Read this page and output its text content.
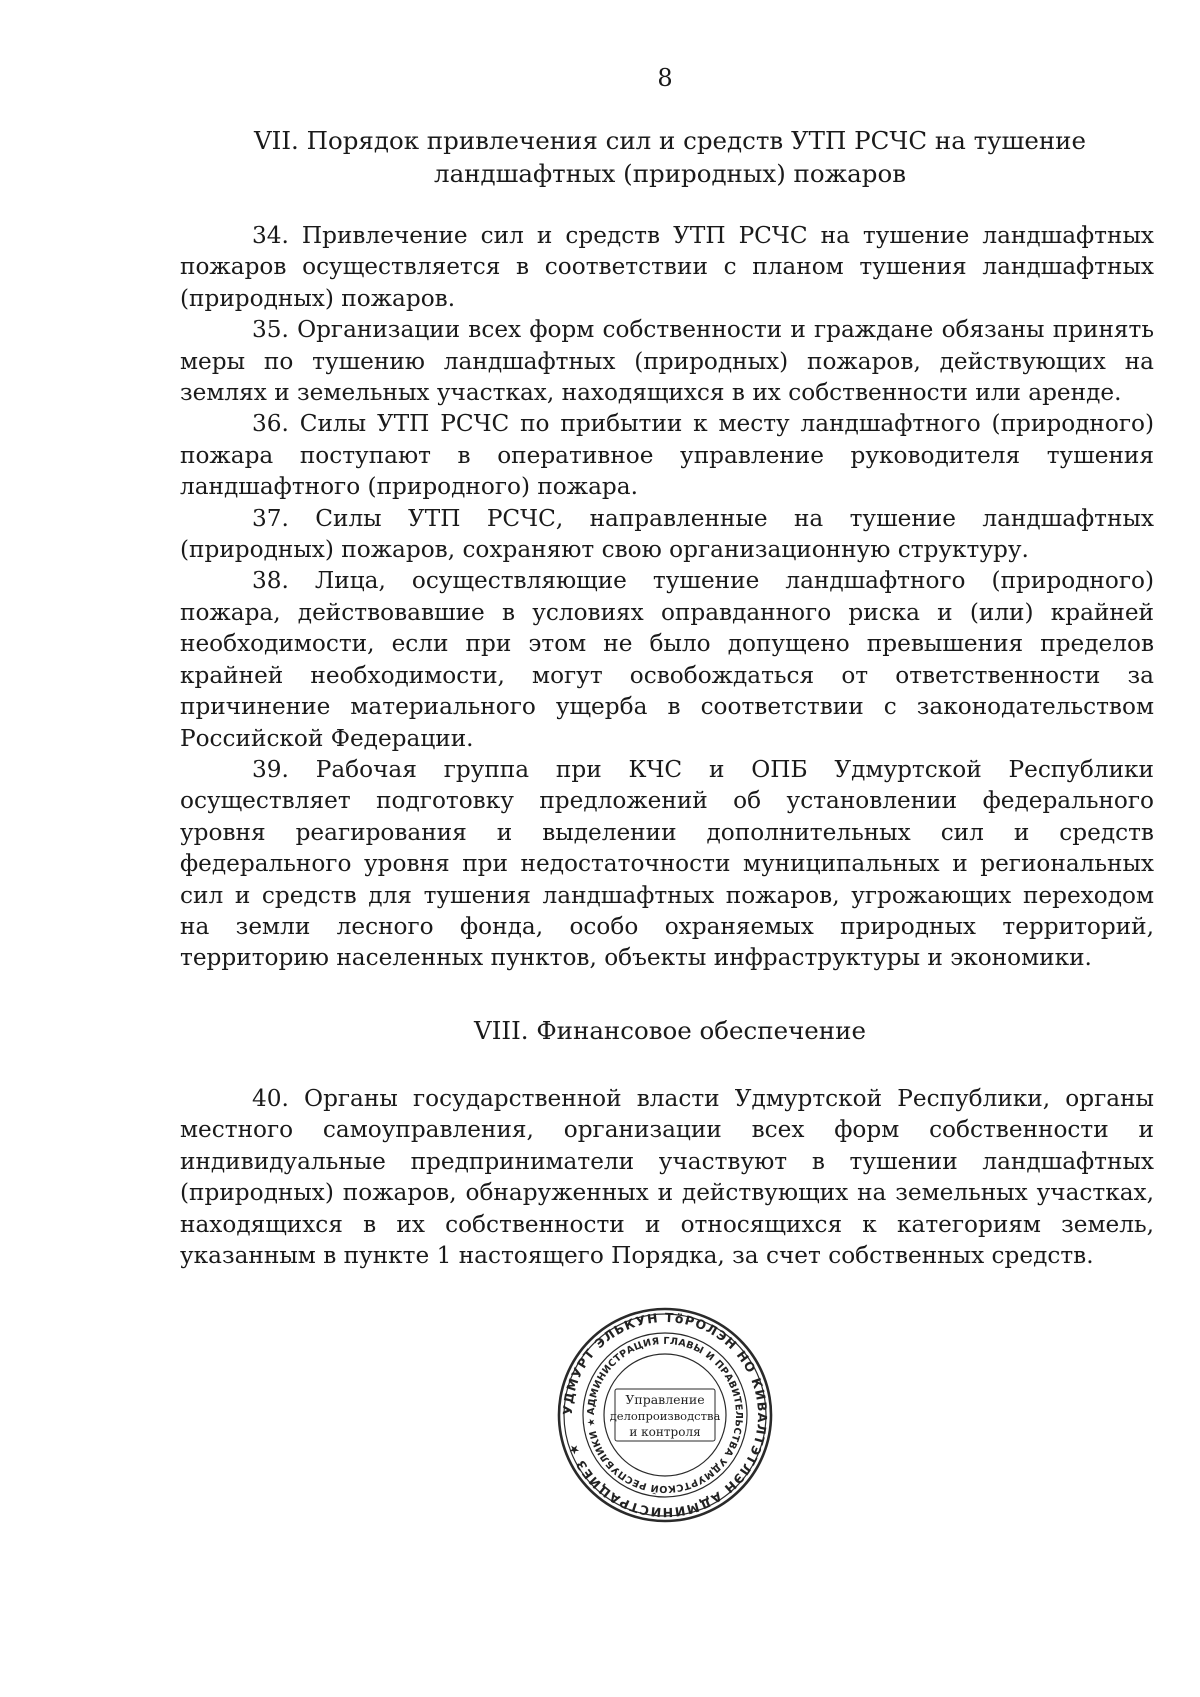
8
VII. Порядок привлечения сил и средств УТП РСЧС на тушение
ландшафтных (природных) пожаров

34. Привлечение сил и средств УТП РСЧС на тушение ландшафтных пожаров осуществляется в соответствии с планом тушения ландшафтных (природных) пожаров.

35. Организации всех форм собственности и граждане обязаны принять меры по тушению ландшафтных (природных) пожаров, действующих на землях и земельных участках, находящихся в их собственности или аренде.

36. Силы УТП РСЧС по прибытии к месту ландшафтного (природного) пожара поступают в оперативное управление руководителя тушения ландшафтного (природного) пожара.

37. Силы УТП РСЧС, направленные на тушение ландшафтных (природных) пожаров, сохраняют свою организационную структуру.

38. Лица, осуществляющие тушение ландшафтного (природного) пожара, действовавшие в условиях оправданного риска и (или) крайней необходимости, если при этом не было допущено превышения пределов крайней необходимости, могут освобождаться от ответственности за причинение материального ущерба в соответствии с законодательством Российской Федерации.

39. Рабочая группа при КЧС и ОПБ Удмуртской Республики осуществляет подготовку предложений об установлении федерального уровня реагирования и выделении дополнительных сил и средств федерального уровня при недостаточности муниципальных и региональных сил и средств для тушения ландшафтных пожаров, угрожающих переходом на земли лесного фонда, особо охраняемых природных территорий, территорию населенных пунктов, объекты инфраструктуры и экономики.

VIII. Финансовое обеспечение

40. Органы государственной власти Удмуртской Республики, органы местного самоуправления, организации всех форм собственности и индивидуальные предприниматели участвуют в тушении ландшафтных (природных) пожаров, обнаруженных и действующих на земельных участках, находящихся в их собственности и относящихся к категориям земель, указанным в пункте 1 настоящего Порядка, за счет собственных средств.

УДМУРТ ЭЛЬКУН ТӧРОЛЭН НО КИВАЛТЭТЛЭН АДМИНИСТРАЦИЕЗ ★
АДМИНИСТРАЦИЯ ГЛАВЫ И ПРАВИТЕЛЬСТВА УДМУРТСКОЙ РЕСПУБЛИКИ ★
Управление
делопроизводства
и контроля
